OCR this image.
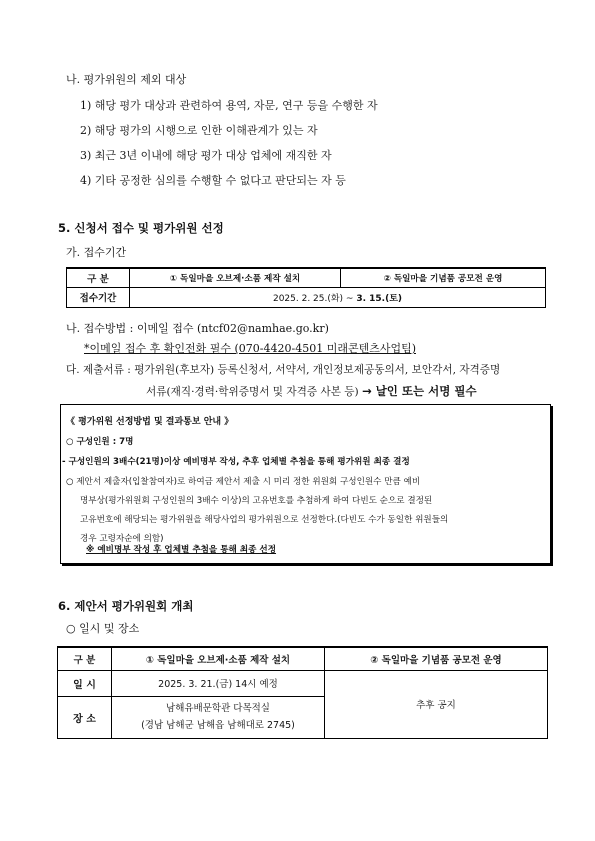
나. 평가위원의 제외 대상
1) 해당 평가 대상과 관련하여 용역, 자문, 연구 등을 수행한 자
2) 해당 평가의 시행으로 인한 이해관계가 있는 자
3) 최근 3년 이내에 해당 평가 대상 업체에 재직한 자
4) 기타 공정한 심의를 수행할 수 없다고 판단되는 자 등
5. 신청서 접수 및 평가위원 선정
가. 접수기간
구 분	① 독일마을 오브제·소품 제작 설치	② 독일마을 기념품 공모전 운영
접수기간	2025. 2. 25.(화) ~ 3. 15.(토)	
나. 접수방법 : 이메일 접수 (ntcf02@namhae.go.kr)
*이메일 접수 후 확인전화 필수 (070-4420-4501 미래콘텐츠사업팀)
다. 제출서류 : 평가위원(후보자) 등록신청서, 서약서, 개인정보제공동의서, 보안각서, 자격증명
서류(재직·경력·학위증명서 및 자격증 사본 등) → 날인 또는 서명 필수
《 평가위원 선정방법 및 결과통보 안내 》
○ 구성인원 : 7명
- 구성인원의 3배수(21명)이상 예비명부 작성, 추후 업체별 추첨을 통해 평가위원 최종 결정
○ 제안서 제출자(입찰참여자)로 하여금 제안서 제출 시 미리 정한 위원회 구성인원수 만큼 예비
명부상(평가위원회 구성인원의 3배수 이상)의 고유번호를 추첨하게 하여 다빈도 순으로 결정된
고유번호에 해당되는 평가위원을 해당사업의 평가위원으로 선정한다.(다빈도 수가 동일한 위원들의
경우 고령자순에 의함)
※ 예비명부 작성 후 업체별 추첨을 통해 최종 선정
6. 제안서 평가위원회 개최
○ 일시 및 장소
구 분	① 독일마을 오브제·소품 제작 설치	② 독일마을 기념품 공모전 운영
일 시	2025. 3. 21.(금) 14시 예정	추후 공지
장 소	남해유배문학관 다목적실
(경남 남해군 남해읍 남해대로 2745)	
